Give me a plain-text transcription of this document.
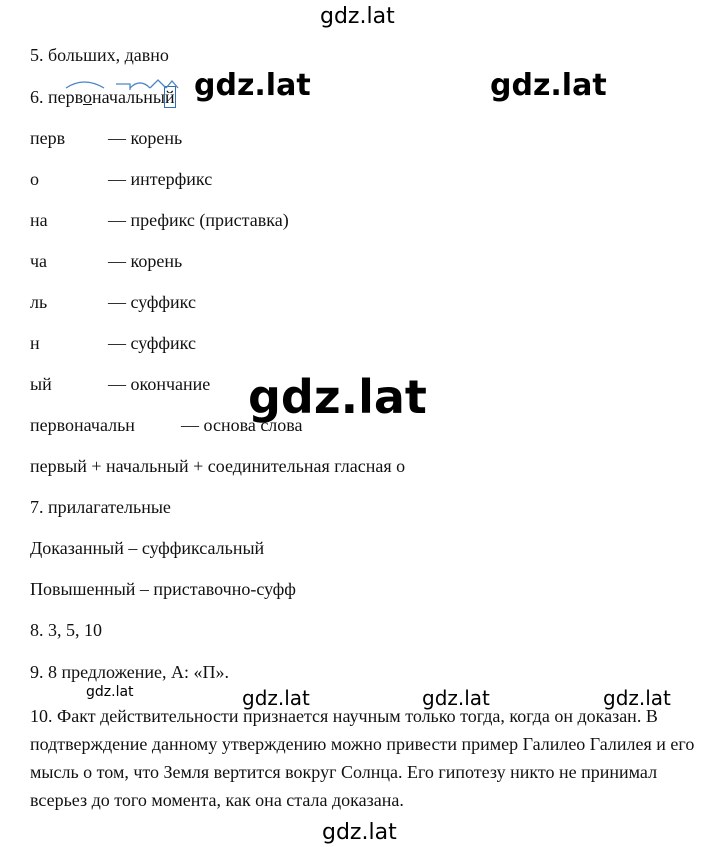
gdz.lat
gdz.lat	gdz.lat
gdz.lat
gdz.lat	gdz.lat	gdz.lat	gdz.lat
gdz.lat
5. больших, давно
6. первоначальный
перв — корень
о	— интерфикс
на	— префикс (приставка)
ча	— корень
ль	— суффикс
н	— суффикс
ый	— окончание
первоначальн	— основа слова
первый + начальный + соединительная гласная о
7. прилагательные
Доказанный – суффиксальный
Повышенный – приставочно-суфф
8. 3, 5, 10
9. 8 предложение, А: «П».
10. Факт действительности признается научным только тогда, когда он доказан. В подтверждение данному утверждению можно привести пример Галилео Галилея и его мысль о том, что Земля вертится вокруг Солнца. Его гипотезу никто не принимал всерьез до того момента, как она стала доказана.
